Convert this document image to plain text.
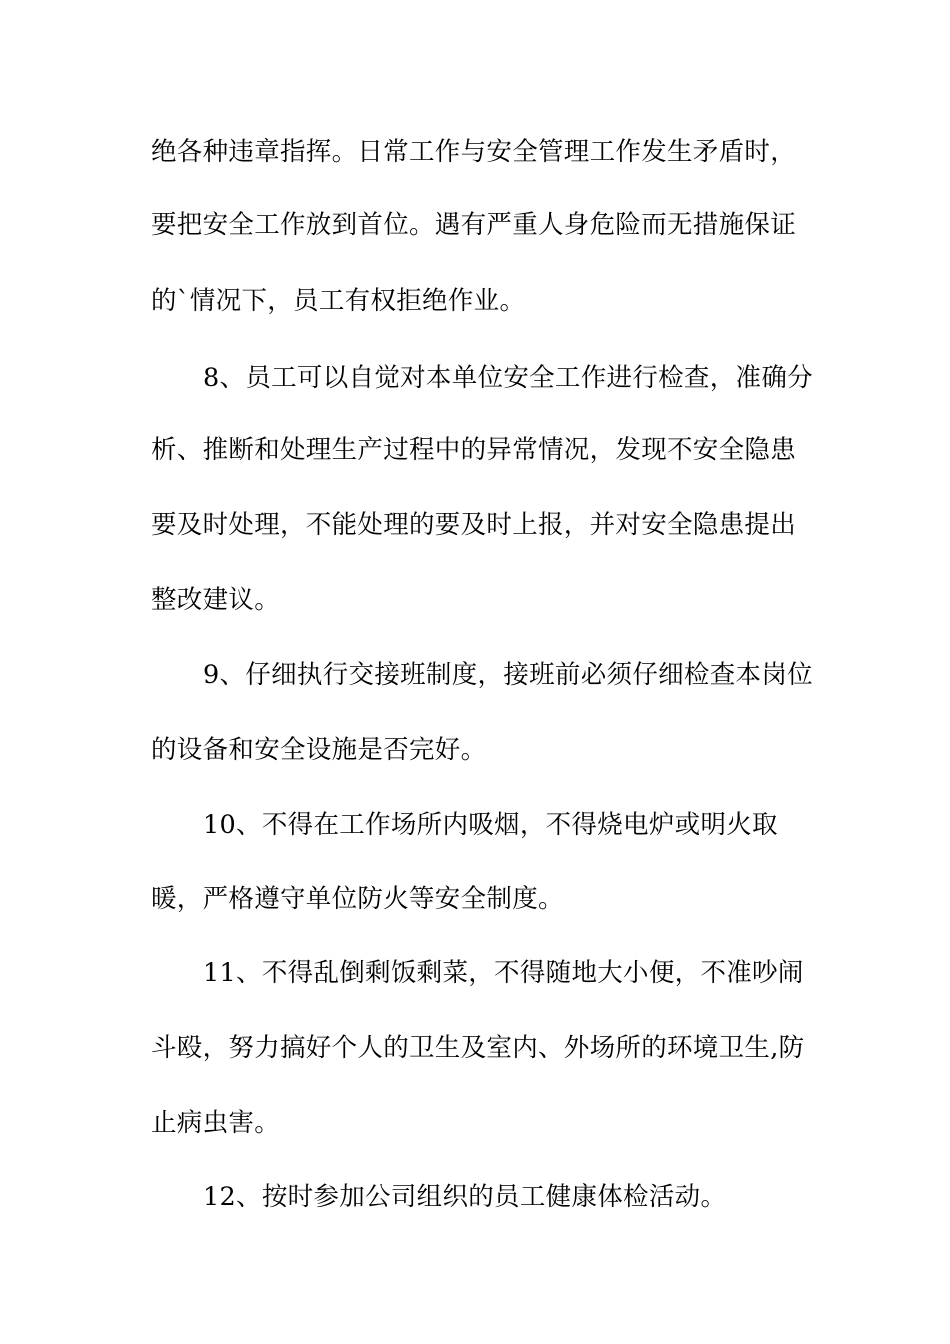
绝各种违章指挥。日常工作与安全管理工作发生矛盾时，
要把安全工作放到首位。遇有严重人身危险而无措施保证
的`情况下，员工有权拒绝作业。
8、员工可以自觉对本单位安全工作进行检查，准确分
析、推断和处理生产过程中的异常情况，发现不安全隐患
要及时处理，不能处理的要及时上报，并对安全隐患提出
整改建议。
9、仔细执行交接班制度，接班前必须仔细检查本岗位
的设备和安全设施是否完好。
10、不得在工作场所内吸烟，不得烧电炉或明火取
暖，严格遵守单位防火等安全制度。
11、不得乱倒剩饭剩菜，不得随地大小便，不准吵闹
斗殴，努力搞好个人的卫生及室内、外场所的环境卫生,防
止病虫害。
12、按时参加公司组织的员工健康体检活动。
